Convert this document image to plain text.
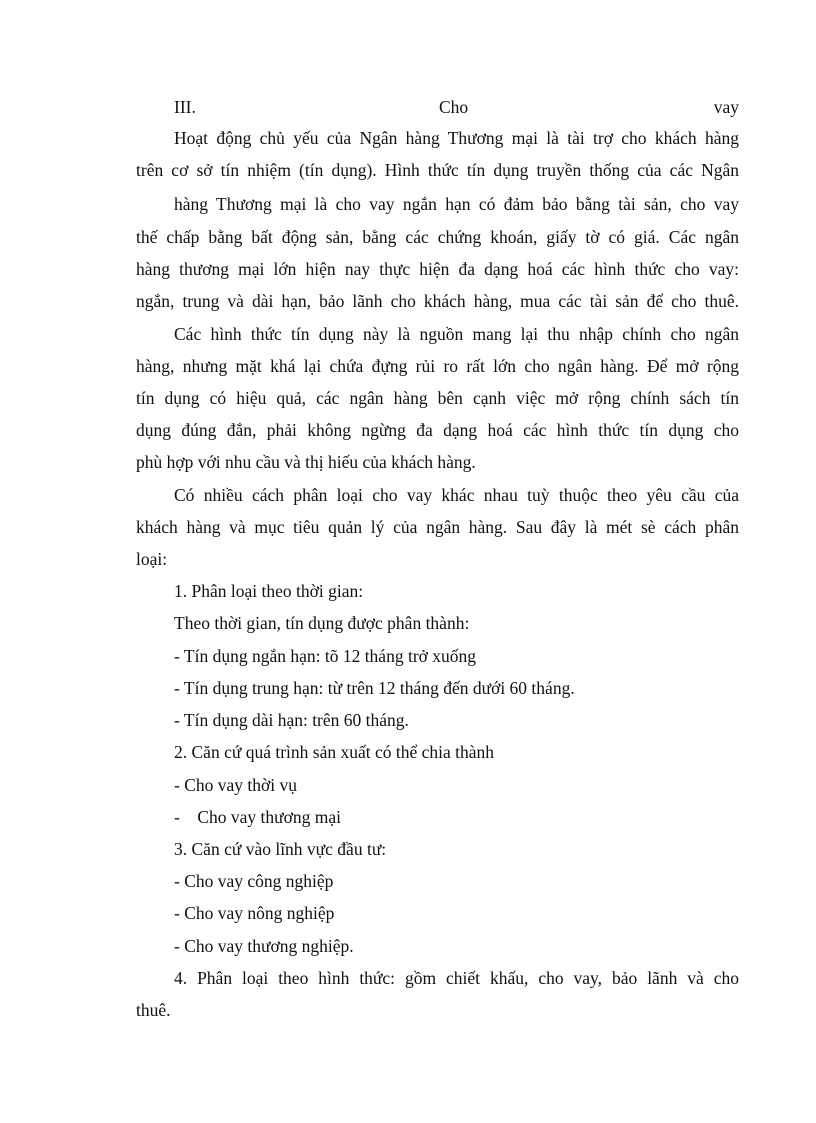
III.	Cho	vay
Hoạt động chủ yếu của Ngân hàng Thương mại là tài trợ cho khách hàng
trên cơ sở tín nhiệm (tín dụng). Hình thức tín dụng truyền thống của các Ngân
hàng Thương mại là cho vay ngắn hạn có đảm bảo bằng tài sản, cho vay
thế chấp bằng bất động sản, bằng các chứng khoán, giấy tờ có giá. Các ngân
hàng thương mại lớn hiện nay thực hiện đa dạng hoá các hình thức cho vay:
ngắn, trung và dài hạn, bảo lãnh cho khách hàng, mua các tài sản để cho thuê.
Các hình thức tín dụng này là nguồn mang lại thu nhập chính cho ngân
hàng, nhưng mặt khá lại chứa đựng rủi ro rất lớn cho ngân hàng. Để mở rộng
tín dụng có hiệu quả, các ngân hàng bên cạnh việc mở rộng chính sách tín
dụng đúng đắn, phải không ngừng đa dạng hoá các hình thức tín dụng cho
phù hợp với nhu cầu và thị hiếu của khách hàng.
Có nhiều cách phân loại cho vay khác nhau tuỳ thuộc theo yêu cầu của
khách hàng và mục tiêu quản lý của ngân hàng. Sau đây là mét sè cách phân
loại:
1. Phân loại theo thời gian:
Theo thời gian, tín dụng được phân thành:
- Tín dụng ngắn hạn: tõ 12 tháng trở xuống
- Tín dụng trung hạn: từ trên 12 tháng đến dưới 60 tháng.
- Tín dụng dài hạn: trên 60 tháng.
2. Căn cứ quá trình sản xuất có thể chia thành
- Cho vay thời vụ
-    Cho vay thương mại
3. Căn cứ vào lĩnh vực đầu tư:
- Cho vay công nghiệp
- Cho vay nông nghiệp
- Cho vay thương nghiệp.
4. Phân loại theo hình thức: gồm chiết khấu, cho vay, bảo lãnh và cho
thuê.
